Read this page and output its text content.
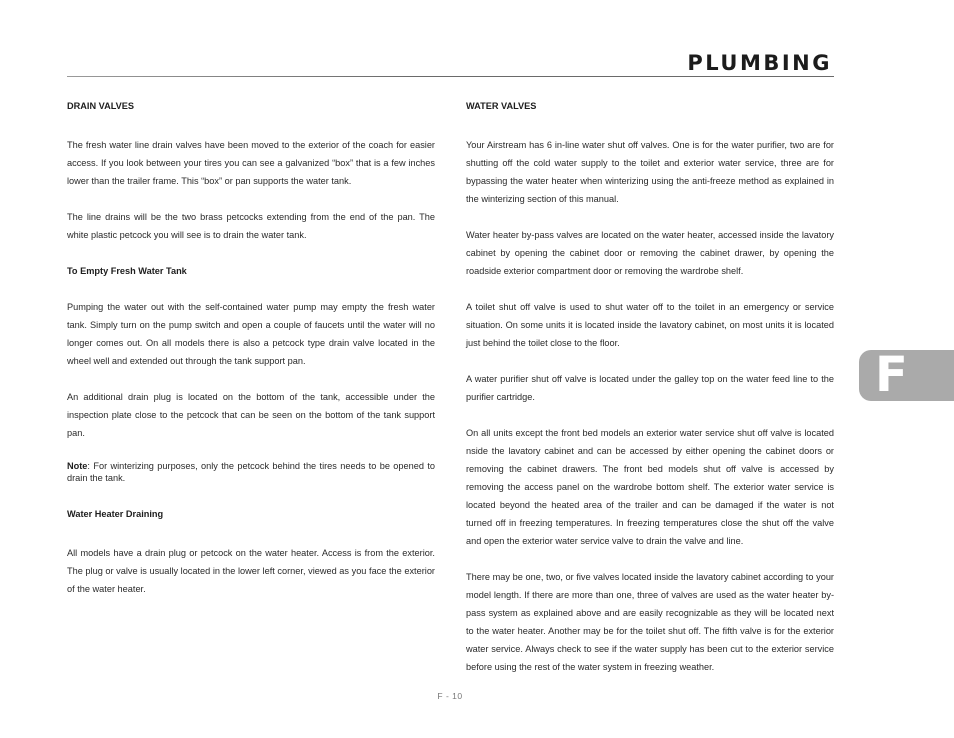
PLUMBING
DRAIN VALVES

The fresh water line drain valves have been moved to the exterior of the coach for easier access. If you look between your tires you can see a galvanized “box” that is a few inches lower than the trailer frame. This “box” or pan supports the water tank.

The line drains will be the two brass petcocks extending from the end of the pan. The white plastic petcock you will see is to drain the water tank.

To Empty Fresh Water Tank

Pumping the water out with the self-contained water pump may empty the fresh water tank. Simply turn on the pump switch and open a couple of faucets until the water will no longer comes out. On all models there is also a petcock type drain valve located in the wheel well and extended out through the tank support pan.

An additional drain plug is located on the bottom of the tank, accessible under the inspection plate close to the petcock that can be seen on the bottom of the tank support pan.

Note: For winterizing purposes, only the petcock behind the tires needs to be opened to drain the tank.

Water Heater Draining

All models have a drain plug or petcock on the water heater. Access is from the exterior. The plug or valve is usually located in the lower left corner, viewed as you face the exterior of the water heater.

WATER VALVES

Your Airstream has 6 in-line water shut off valves. One is for the water purifier, two are for shutting off the cold water supply to the toilet and exterior water service, three are for bypassing the water heater when winterizing using the anti-freeze method as explained in the winterizing section of this manual.

Water heater by-pass valves are located on the water heater, accessed inside the lavatory cabinet by opening the cabinet door or removing the cabinet drawer, by opening the roadside exterior compartment door or removing the wardrobe shelf.

A toilet shut off valve is used to shut water off to the toilet in an emergency or service situation. On some units it is located inside the lavatory cabinet, on most units it is located just behind the toilet close to the floor.

A water purifier shut off valve is located under the galley top on the water feed line to the purifier cartridge.

On all units except the front bed models an exterior water service shut off valve is located nside the lavatory cabinet and can be accessed by either opening the cabinet doors or removing the cabinet drawers. The front bed models shut off valve is accessed by removing the access panel on the wardrobe bottom shelf. The exterior water service is located beyond the heated area of the trailer and can be damaged if the water is not turned off in freezing temperatures. In freezing temperatures close the shut off the valve and open the exterior water service valve to drain the valve and line.

There may be one, two, or five valves located inside the lavatory cabinet according to your model length. If there are more than one, three of valves are used as the water heater by-pass system as explained above and are easily recognizable as they will be located next to the water heater. Another may be for the toilet shut off. The fifth valve is for the exterior water service. Always check to see if the water supply has been cut to the exterior service before using the rest of the water system in freezing weather.

F
F - 10
